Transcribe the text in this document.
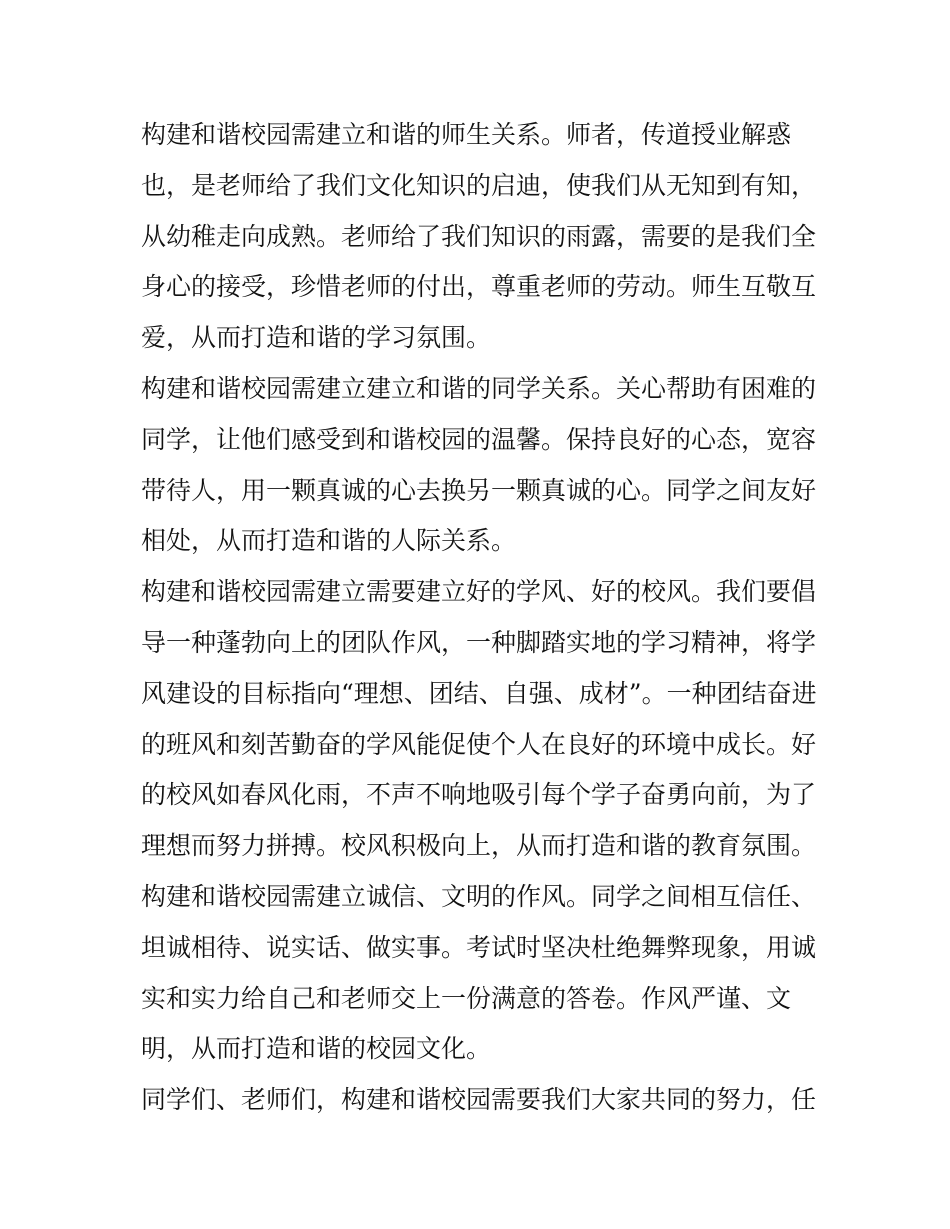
构建和谐校园需建立和谐的师生关系。师者，传道授业解惑
也，是老师给了我们文化知识的启迪，使我们从无知到有知，
从幼稚走向成熟。老师给了我们知识的雨露，需要的是我们全
身心的接受，珍惜老师的付出，尊重老师的劳动。师生互敬互
爱，从而打造和谐的学习氛围。
构建和谐校园需建立建立和谐的同学关系。关心帮助有困难的
同学，让他们感受到和谐校园的温馨。保持良好的心态，宽容
带待人，用一颗真诚的心去换另一颗真诚的心。同学之间友好
相处，从而打造和谐的人际关系。
构建和谐校园需建立需要建立好的学风、好的校风。我们要倡
导一种蓬勃向上的团队作风，一种脚踏实地的学习精神，将学
风建设的目标指向“理想、团结、自强、成材”。一种团结奋进
的班风和刻苦勤奋的学风能促使个人在良好的环境中成长。好
的校风如春风化雨，不声不响地吸引每个学子奋勇向前，为了
理想而努力拼搏。校风积极向上，从而打造和谐的教育氛围。
构建和谐校园需建立诚信、文明的作风。同学之间相互信任、
坦诚相待、说实话、做实事。考试时坚决杜绝舞弊现象，用诚
实和实力给自己和老师交上一份满意的答卷。作风严谨、文
明，从而打造和谐的校园文化。
同学们、老师们，构建和谐校园需要我们大家共同的努力，任
